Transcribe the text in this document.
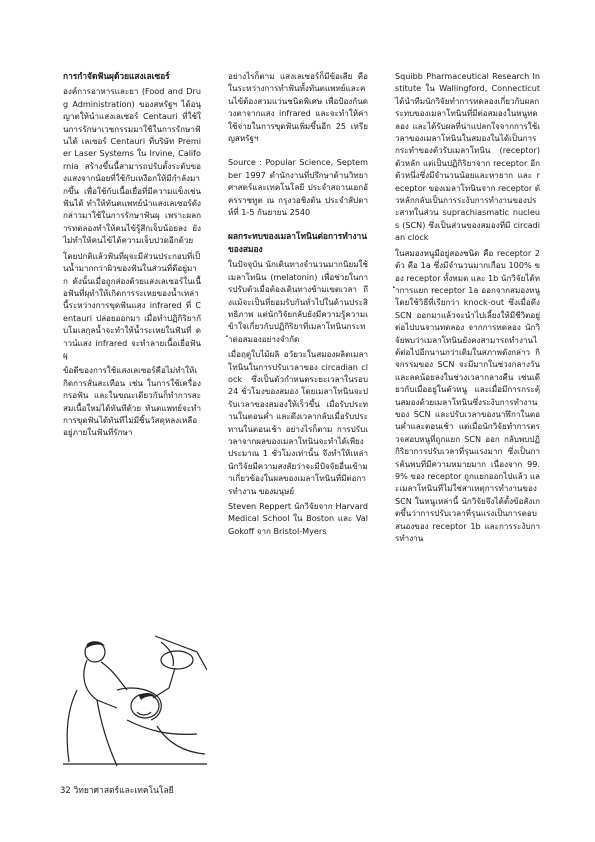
การกำจัดฟันผุด้วยแสงเลเซอร์

องค์การอาหารและยา (Food and Drug Administration) ของสหรัฐฯ ได้อนุญาตให้นำแสงเลเซอร์ Centauri ที่ใช้ในการรักษาเวชกรรมมาใช้ในการรักษาฟันได้ เลเซอร์ Centauri ที่บริษัท Premier Laser Systems ใน Irvine, California สร้างขึ้นนี้สามารถปรับตั้งระดับของแสงจากน้อยที่ใช้กับเหงือกให้มีกำลังมากขึ้น เพื่อใช้กับเนื้อเยื่อที่มีความแข็งเช่นฟันได้ ทำให้ทันตแพทย์นำแสงเลเซอร์ดังกล่าวมาใช้ในการรักษาฟันผุ เพราะผลการทดลองทำให้คนไข้รู้สึกเจ็บน้อยลง ยังไม่ทำให้คนไข้ได้ความเจ็บปวดอีกด้วย

โดยปกติแล้วฟันที่ผุจะมีส่วนประกอบที่เป็นน้ำมากกว่าผิวของฟันในส่วนที่ดีอยู่มาก ดังนั้นเมื่อถูกส่องด้วยแสงเลเซอร์ในเนื้อฟันที่ผุทำให้เกิดการระเหยของน้ำเหล่านี้ระหว่างการขุดฟันแสง infrared ที่ Centauri ปล่อยออกมา เมื่อทำปฏิกิริยากับโมเลกุลน้ำจะทำให้น้ำระเหยในฟันที่ ดาวน์แสง infrared จะทำลายเนื้อเยื่อฟันผุ

ข้อดีของการใช้แสงเลเซอร์คือไม่ทำให้เกิดการสั่นสะเทือน เช่น ในการใช้เครื่องกรอฟัน และในขณะเดียวกันก็ทำการสะสมเนื้อใหม่ได้ทันทีด้วย ทันตแพทย์จะทำการขุดฟันได้ทันทีไม่มีชิ้นวัสดุหลงเหลืออยู่ภายในฟันที่รักษา

อย่างไรก็ตาม แสงเลเซอร์ก็มีข้อเสีย คือ ในระหว่างการทำฟันทั้งทันตแพทย์และคนไข้ต้องสวมแว่นชนิดพิเศษ เพื่อป้องกันดวงตาจากแสง infrared และจะทำให้ค่าใช้จ่ายในการขุดฟันเพิ่มขึ้นอีก 25 เหรียญสหรัฐฯ

Source : Popular Science, September 1997 ดำนักงานที่ปรึกษาด้านวิทยาศาสตร์และเทคโนโลยี ประจำสถานเอกอัครราชทูต ณ กรุงวอชิงตัน ประจำสัปดาห์ที่ 1-5 กันยายน 2540

ผลกระทบของเมลาโทนินต่อการทำงานของสมอง

ในปัจจุบัน นักเดินทางจำนวนมากนิยมใช้เมลาโทนิน (melatonin) เพื่อช่วยในการปรับตัวเมื่อต้องเดินทางข้ามเขตเวลา ถึงแม้จะเป็นที่ยอมรับกันทั่วไปในด้านประสิทธิภาพ แต่นักวิจัยกลับยังมีความรู้ความเข้าใจเกี่ยวกับปฏิกิริยาที่เมลาโทนินกระทำต่อสมองอย่างจำกัด

เมื่อฤดูใบไม้ผลิ อวัยวะในสมองผลิตเมลาโทนินในการปรับเวลาของ circadian clock ซึ่งเป็นตัวกำหนดระยะเวลาในรอบ 24 ชั่วโมงของสมอง โดยเมลาโทนินจะปรับเวลาของสมองให้เร็วขึ้น เมื่อรับประทานในตอนค่ำ และดึงเวลากลับเมื่อรับประทานในตอนเช้า อย่างไรก็ตาม การปรับเวลาจากผลของเมลาโทนินจะทำได้เพียงประมาณ 1 ชั่วโมงเท่านั้น จึงทำให้เหล่านักวิจัยมีความสงสัยว่าจะมีปัจจัยอื่นเข้ามาเกี่ยวข้องในผลของเมลาโทนินที่มีต่อการทำงาน ของมนุษย์

Steven Reppert นักวิจัยจาก Harvard Medical School ใน Boston และ Val Gokoff จาก Bristol-Myers

Squibb Pharmaceutical Research Institute ใน Wallingford, Connecticut ได้นำทีมนักวิจัยทำการทดลองเกี่ยวกับผลกระทบของเมลาโทนินที่มีต่อสมองในหนูทดลอง และได้รับผลที่น่าแปลกใจจากการใช้เวลาของเมลาโทนินในสมองในได้เป็นการกระทำของตัวรับเมลาโทนิน (receptor) ตัวหลัก แต่เป็นปฏิกิริยาจาก receptor อีกตัวหนึ่งซึ่งมีจำนวนน้อยและหายาก และ receptor ของเมลาโทนินจาก receptor ตัวหลักกลับเป็นการระงับการทำงานของประสาทในส่วน suprachiasmatic nucleus (SCN) ซึ่งเป็นส่วนของสมองที่มี circadian clock

ในสมองหนูมีอยู่สองชนิด คือ receptor 2 ตัว คือ 1a ซึ่งมีจำนวนมากเกือบ 100% ของ receptor ทั้งหมด และ 1b นักวิจัยได้ทำการแยก receptor 1a ออกจากสมองหนู โดยใช้วิธีที่เรียกว่า knock-out ซึ่งเมื่อดึง SCN ออกมาแล้วจะนำไปเลี้ยงให้มีชีวิตอยู่ต่อไปบนจานทดลอง จากการทดลอง นักวิจัยพบว่าเมลาโทนินยังคงสามารถทำงานได้ต่อไปอีกนานกว่าเดิมในสภาพดังกล่าว กิจกรรมของ SCN จะมีมากในช่วงกลางวัน และลดน้อยลงในช่วงเวลากลางคืน เช่นเดียวกับเมื่ออยู่ในตัวหนู และเมื่อมีการกระตุ้นสมองด้วยเมลาโทนินซึ่งระงับการทำงานของ SCN และปรับเวลาของนาฬิกาในตอนค่ำและตอนเช้า แต่เมื่อนักวิจัยทำการตรวจสอบหนูที่ถูกแยก SCN ออก กลับพบปฏิกิริยาการปรับเวลาที่รุนแรงมาก ซึ่งเป็นการค้นพบที่มีความหมายมาก เนื่องจาก 99.9% ของ receptor ถูกแยกออกไปแล้ว และเมลาโทนินที่ไม่ใช่สาเหตุการทำงานของ SCN ในหนูเหล่านี้ นักวิจัยจึงได้ตั้งข้อสังเกตขึ้นว่าการปรับเวลาที่รุนแรงเป็นการตอบสนองของ receptor 1b และการระงับการทำงาน

32 วิทยาศาสตร์และเทคโนโลยี
